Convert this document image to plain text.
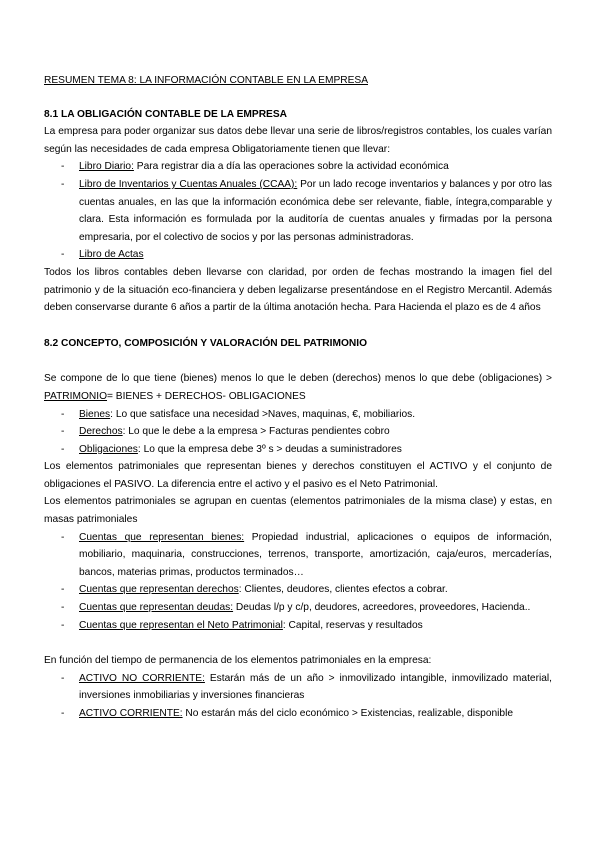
RESUMEN TEMA 8: LA INFORMACIÓN CONTABLE EN LA EMPRESA

8.1 LA OBLIGACIÓN CONTABLE DE LA EMPRESA

La empresa para poder organizar sus datos debe llevar una serie de libros/registros contables, los cuales varían según las necesidades de cada empresa Obligatoriamente tienen que llevar:

- Libro Diario: Para registrar dia a día las operaciones sobre la actividad económica
- Libro de Inventarios y Cuentas Anuales (CCAA): Por un lado recoge inventarios y balances y por otro las cuentas anuales, en las que la información económica debe ser relevante, fiable, íntegra,comparable y clara. Esta información es formulada por la auditoría de cuentas anuales y firmadas por la persona empresaria, por el colectivo de socios y por las personas administradoras.
- Libro de Actas

Todos los libros contables deben llevarse con claridad, por orden de fechas mostrando la imagen fiel del patrimonio y de la situación eco-financiera y deben legalizarse presentándose en el Registro Mercantil. Además deben conservarse durante 6 años a partir de la última anotación hecha. Para Hacienda el plazo es de 4 años

8.2 CONCEPTO, COMPOSICIÓN Y VALORACIÓN DEL PATRIMONIO

Se compone de lo que tiene (bienes) menos lo que le deben (derechos) menos lo que debe (obligaciones) > PATRIMONIO= BIENES + DERECHOS- OBLIGACIONES

- Bienes: Lo que satisface una necesidad >Naves, maquinas, €, mobiliarios.
- Derechos: Lo que le debe a la empresa > Facturas pendientes cobro
- Obligaciones: Lo que la empresa debe 3º s > deudas a suministradores

Los elementos patrimoniales que representan bienes y derechos constituyen el ACTIVO y el conjunto de obligaciones el PASIVO. La diferencia entre el activo y el pasivo es el Neto Patrimonial.

Los elementos patrimoniales se agrupan en cuentas (elementos patrimoniales de la misma clase) y estas, en masas patrimoniales

- Cuentas que representan bienes: Propiedad industrial, aplicaciones o equipos de información, mobiliario, maquinaria, construcciones, terrenos, transporte, amortización, caja/euros, mercaderías, bancos, materias primas, productos terminados…
- Cuentas que representan derechos: Clientes, deudores, clientes efectos a cobrar.
- Cuentas que representan deudas: Deudas l/p y c/p, deudores, acreedores, proveedores, Hacienda..
- Cuentas que representan el Neto Patrimonial: Capital, reservas y resultados

En función del tiempo de permanencia de los elementos patrimoniales en la empresa:

- ACTIVO NO CORRIENTE: Estarán más de un año > inmovilizado intangible, inmovilizado material, inversiones inmobiliarias y inversiones financieras
- ACTIVO CORRIENTE: No estarán más del ciclo económico > Existencias, realizable, disponible
